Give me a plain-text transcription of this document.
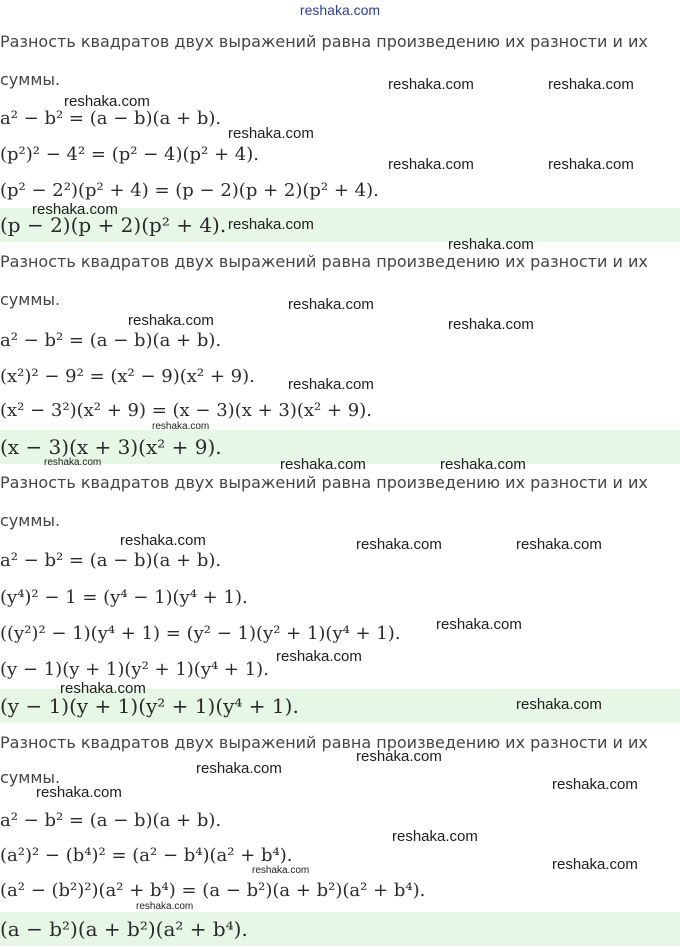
reshaka.com
Разность квадратов двух выражений равна произведению их разности и их
суммы.
a² − b² = (a − b)(a + b).
(p²)² − 4² = (p² − 4)(p² + 4).
(p² − 2²)(p² + 4) = (p − 2)(p + 2)(p² + 4).
(p − 2)(p + 2)(p² + 4).
Разность квадратов двух выражений равна произведению их разности и их
суммы.
a² − b² = (a − b)(a + b).
(x²)² − 9² = (x² − 9)(x² + 9).
(x² − 3²)(x² + 9) = (x − 3)(x + 3)(x² + 9).
(x − 3)(x + 3)(x² + 9).
Разность квадратов двух выражений равна произведению их разности и их
суммы.
a² − b² = (a − b)(a + b).
(y⁴)² − 1 = (y⁴ − 1)(y⁴ + 1).
((y²)² − 1)(y⁴ + 1) = (y² − 1)(y² + 1)(y⁴ + 1).
(y − 1)(y + 1)(y² + 1)(y⁴ + 1).
(y − 1)(y + 1)(y² + 1)(y⁴ + 1).
Разность квадратов двух выражений равна произведению их разности и их
суммы.
a² − b² = (a − b)(a + b).
(a²)² − (b⁴)² = (a² − b⁴)(a² + b⁴).
(a² − (b²)²)(a² + b⁴) = (a − b²)(a + b²)(a² + b⁴).
(a − b²)(a + b²)(a² + b⁴).
reshaka.com	reshaka.com
reshaka.com
reshaka.com
reshaka.com	reshaka.com
reshaka.com
reshaka.com
reshaka.com
reshaka.com
reshaka.com	reshaka.com
reshaka.com
reshaka.com
reshaka.com	reshaka.com	reshaka.com
reshaka.com	reshaka.com	reshaka.com
reshaka.com
reshaka.com
reshaka.com
reshaka.com
reshaka.com
reshaka.com
reshaka.com
reshaka.com
reshaka.com
reshaka.com
reshaka.com
reshaka.com
